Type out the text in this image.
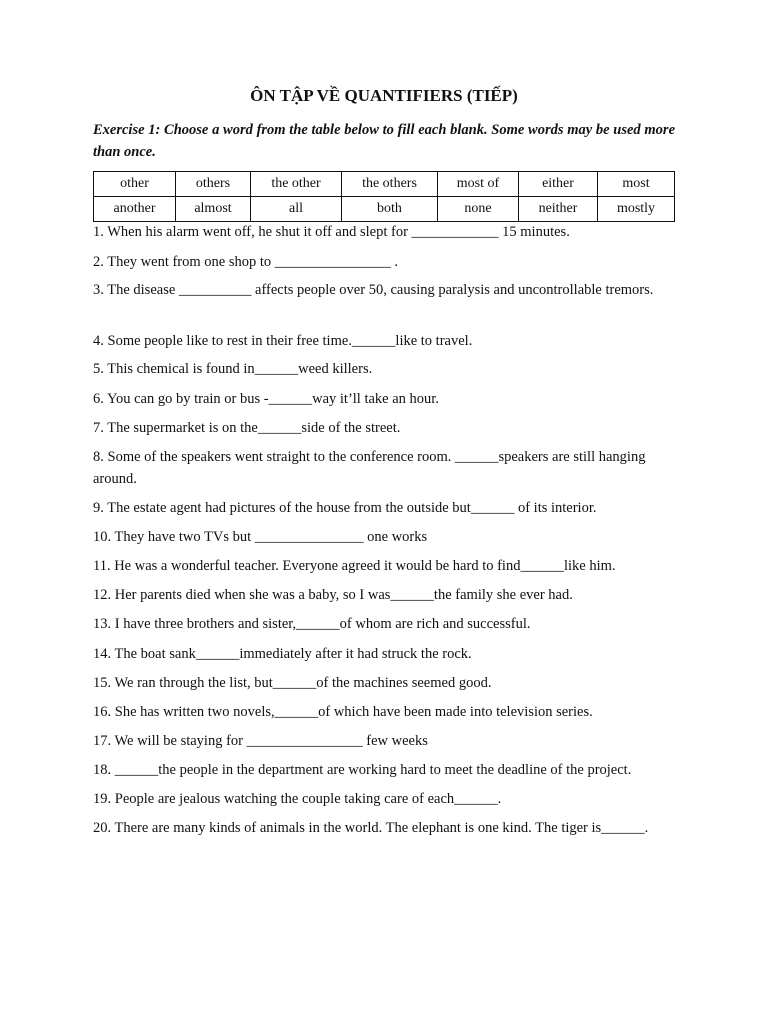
ÔN TẬP VỀ QUANTIFIERS (TIẾP)
Exercise 1: Choose a word from the table below to fill each blank. Some words may be used more than once.
other	others	the other	the others	most of	either	most
another	almost	all	both	none	neither	mostly

1. When his alarm went off, he shut it off and slept for ____________ 15 minutes.

2. They went from one shop to ________________ .

3. The disease __________ affects people over 50, causing paralysis and uncontrollable tremors.

4. Some people like to rest in their free time.______like to travel.

5. This chemical is found in______weed killers.

6. You can go by train or bus -______way it’ll take an hour.

7. The supermarket is on the______side of the street.

8. Some of the speakers went straight to the conference room. ______speakers are still hanging around.

9. The estate agent had pictures of the house from the outside but______ of its interior.

10. They have two TVs but _______________ one works

11. He was a wonderful teacher. Everyone agreed it would be hard to find______like him.

12. Her parents died when she was a baby, so I was______the family she ever had.

13. I have three brothers and sister,______of whom are rich and successful.

14. The boat sank______immediately after it had struck the rock.

15. We ran through the list, but______of the machines seemed good.

16. She has written two novels,______of which have been made into television series.

17. We will be staying for ________________ few weeks

18. ______the people in the department are working hard to meet the deadline of the project.

19. People are jealous watching the couple taking care of each______.

20. There are many kinds of animals in the world. The elephant is one kind. The tiger is______.
